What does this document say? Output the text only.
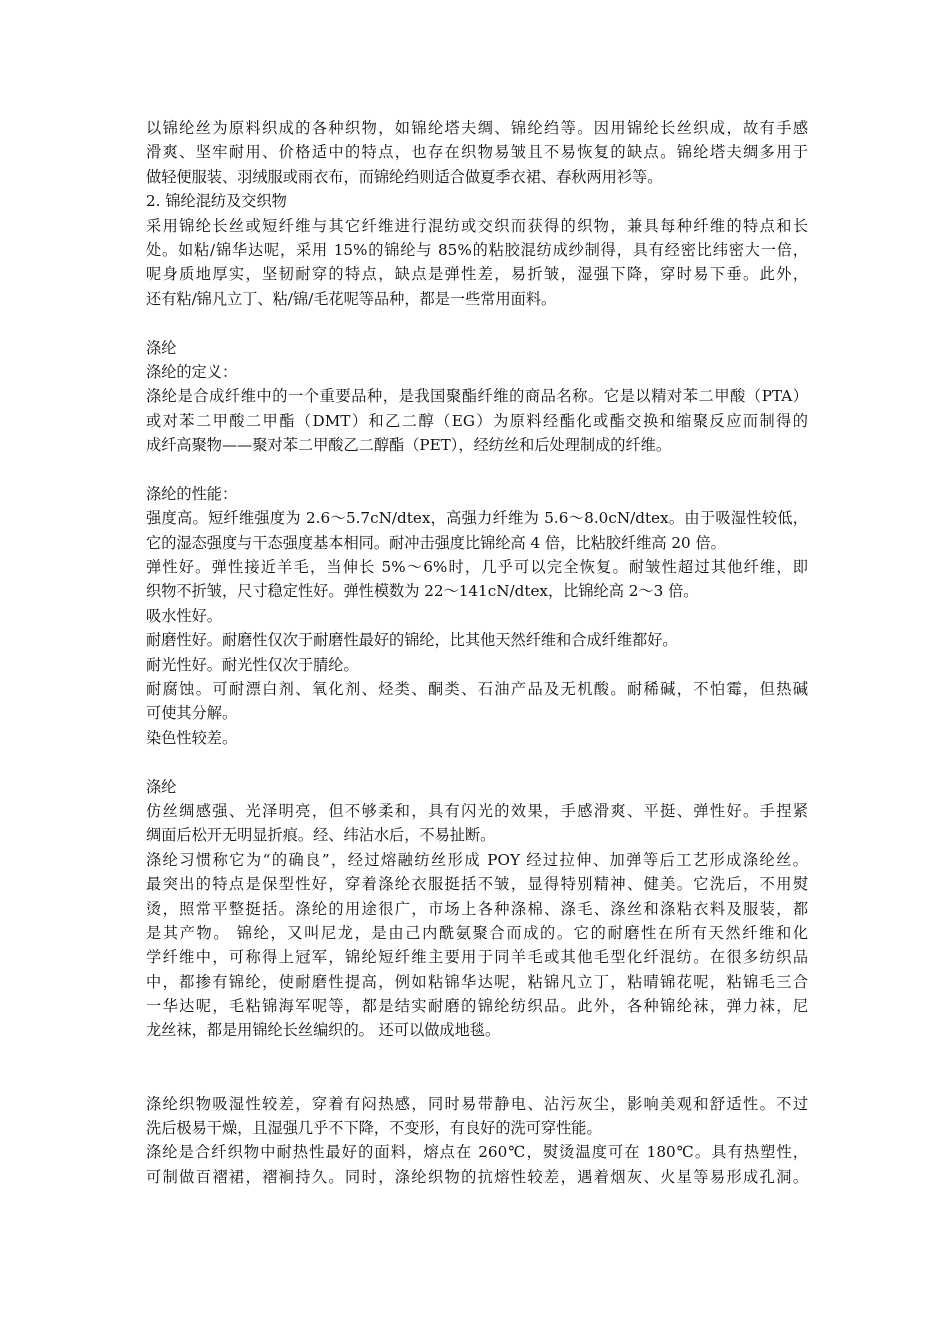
以锦纶丝为原料织成的各种织物，如锦纶塔夫绸、锦纶绉等。因用锦纶长丝织成，故有手感
滑爽、坚牢耐用、价格适中的特点，也存在织物易皱且不易恢复的缺点。锦纶塔夫绸多用于
做轻便服装、羽绒服或雨衣布，而锦纶绉则适合做夏季衣裙、春秋两用衫等。
2. 锦纶混纺及交织物
采用锦纶长丝或短纤维与其它纤维进行混纺或交织而获得的织物，兼具每种纤维的特点和长
处。如粘/锦华达呢，采用 15%的锦纶与 85%的粘胶混纺成纱制得，具有经密比纬密大一倍，
呢身质地厚实，坚韧耐穿的特点，缺点是弹性差，易折皱，湿强下降，穿时易下垂。此外，
还有粘/锦凡立丁、粘/锦/毛花呢等品种，都是一些常用面料。
涤纶
涤纶的定义：
涤纶是合成纤维中的一个重要品种，是我国聚酯纤维的商品名称。它是以精对苯二甲酸（PTA）
或对苯二甲酸二甲酯（DMT）和乙二醇（EG）为原料经酯化或酯交换和缩聚反应而制得的
成纤高聚物——聚对苯二甲酸乙二醇酯（PET），经纺丝和后处理制成的纤维。
涤纶的性能：
强度高。短纤维强度为 2.6～5.7cN/dtex，高强力纤维为 5.6～8.0cN/dtex。由于吸湿性较低，
它的湿态强度与干态强度基本相同。耐冲击强度比锦纶高 4 倍，比粘胶纤维高 20 倍。
弹性好。弹性接近羊毛，当伸长 5%～6%时，几乎可以完全恢复。耐皱性超过其他纤维，即
织物不折皱，尺寸稳定性好。弹性模数为 22～141cN/dtex，比锦纶高 2～3 倍。
吸水性好。
耐磨性好。耐磨性仅次于耐磨性最好的锦纶，比其他天然纤维和合成纤维都好。
耐光性好。耐光性仅次于腈纶。
耐腐蚀。可耐漂白剂、氧化剂、烃类、酮类、石油产品及无机酸。耐稀碱，不怕霉，但热碱
可使其分解。
染色性较差。
涤纶
仿丝绸感强、光泽明亮，但不够柔和，具有闪光的效果，手感滑爽、平挺、弹性好。手捏紧
绸面后松开无明显折痕。经、纬沾水后，不易扯断。
涤纶习惯称它为“的确良”，经过熔融纺丝形成 POY 经过拉伸、加弹等后工艺形成涤纶丝。
最突出的特点是保型性好，穿着涤纶衣服挺括不皱，显得特别精神、健美。它洗后，不用熨
烫，照常平整挺括。涤纶的用途很广，市场上各种涤棉、涤毛、涤丝和涤粘衣料及服装，都
是其产物。 锦纶，又叫尼龙，是由己内酰氨聚合而成的。它的耐磨性在所有天然纤维和化
学纤维中，可称得上冠军，锦纶短纤维主要用于同羊毛或其他毛型化纤混纺。在很多纺织品
中，都掺有锦纶，使耐磨性提高，例如粘锦华达呢，粘锦凡立丁，粘晴锦花呢，粘锦毛三合
一华达呢，毛粘锦海军呢等，都是结实耐磨的锦纶纺织品。此外，各种锦纶袜，弹力袜，尼
龙丝袜，都是用锦纶长丝编织的。 还可以做成地毯。
涤纶织物吸湿性较差，穿着有闷热感，同时易带静电、沾污灰尘，影响美观和舒适性。不过
洗后极易干燥，且湿强几乎不下降，不变形，有良好的洗可穿性能。
涤纶是合纤织物中耐热性最好的面料，熔点在 260℃，熨烫温度可在 180℃。具有热塑性，
可制做百褶裙，褶裥持久。同时，涤纶织物的抗熔性较差，遇着烟灰、火星等易形成孔洞。
